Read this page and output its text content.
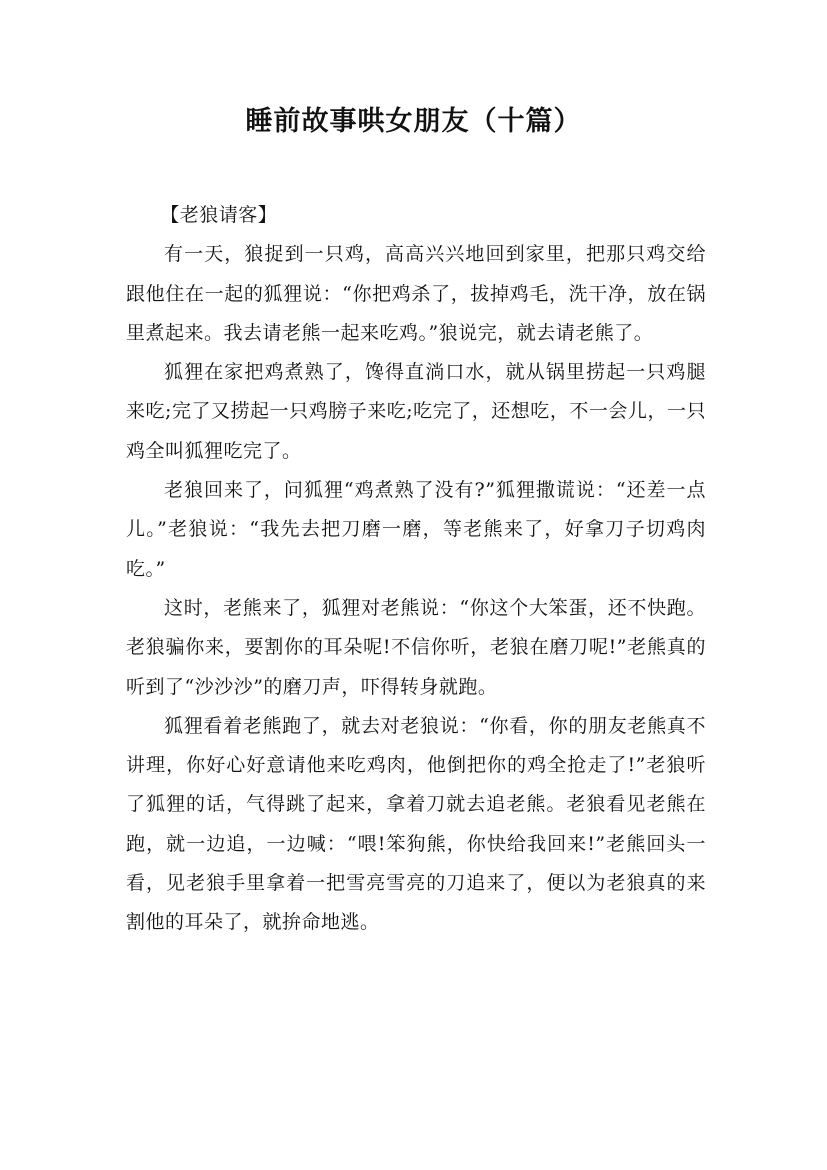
睡前故事哄女朋友（十篇）

【老狼请客】

有一天，狼捉到一只鸡，高高兴兴地回到家里，把那只鸡交给跟他住在一起的狐狸说：“你把鸡杀了，拔掉鸡毛，洗干净，放在锅里煮起来。我去请老熊一起来吃鸡。”狼说完，就去请老熊了。

狐狸在家把鸡煮熟了，馋得直淌口水，就从锅里捞起一只鸡腿来吃;完了又捞起一只鸡膀子来吃;吃完了，还想吃，不一会儿，一只鸡全叫狐狸吃完了。

老狼回来了，问狐狸“鸡煮熟了没有?”狐狸撒谎说：“还差一点儿。”老狼说：“我先去把刀磨一磨，等老熊来了，好拿刀子切鸡肉吃。”

这时，老熊来了，狐狸对老熊说：“你这个大笨蛋，还不快跑。老狼骗你来，要割你的耳朵呢!不信你听，老狼在磨刀呢!”老熊真的听到了“沙沙沙”的磨刀声，吓得转身就跑。

狐狸看着老熊跑了，就去对老狼说：“你看，你的朋友老熊真不讲理，你好心好意请他来吃鸡肉，他倒把你的鸡全抢走了!”老狼听了狐狸的话，气得跳了起来，拿着刀就去追老熊。老狼看见老熊在跑，就一边追，一边喊：“喂!笨狗熊，你快给我回来!”老熊回头一看，见老狼手里拿着一把雪亮雪亮的刀追来了，便以为老狼真的来割他的耳朵了，就拚命地逃。
